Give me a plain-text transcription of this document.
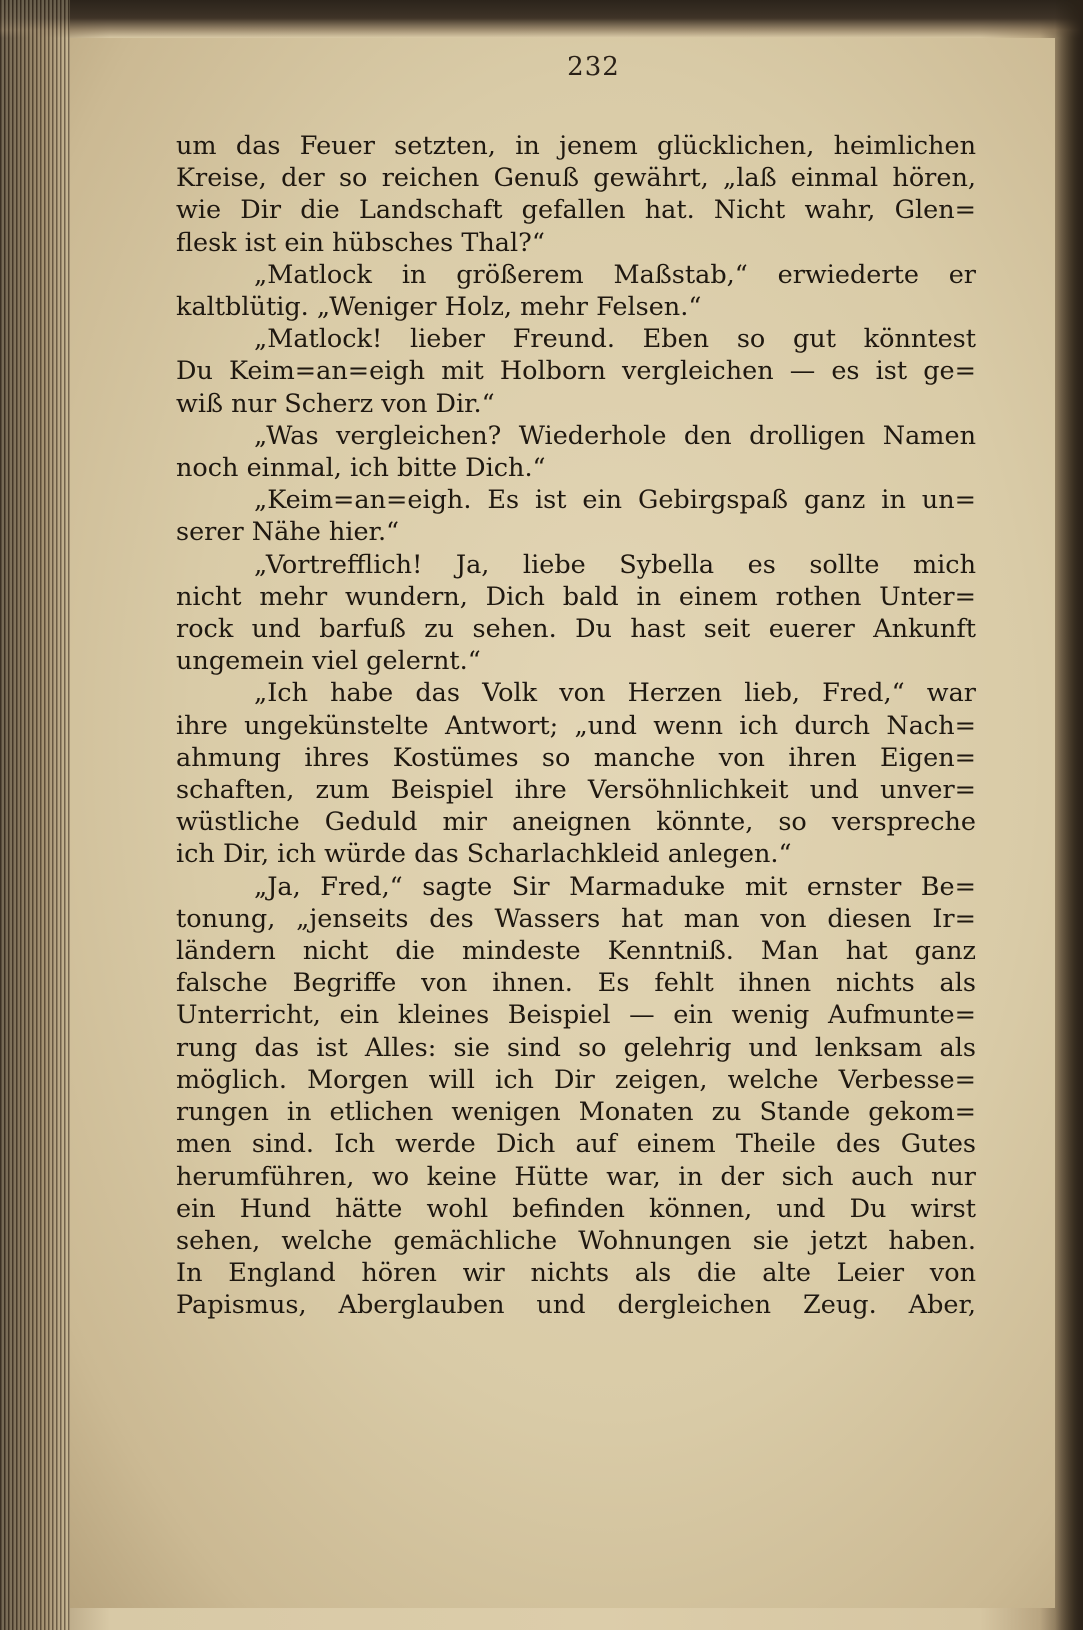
232
um das Feuer setzten, in jenem glücklichen, heimlichen
Kreise, der so reichen Genuß gewährt, „laß einmal hören,
wie Dir die Landschaft gefallen hat. Nicht wahr, Glen=
flesk ist ein hübsches Thal?“
„Matlock in größerem Maßstab,“ erwiederte er
kaltblütig. „Weniger Holz, mehr Felsen.“
„Matlock! lieber Freund. Eben so gut könntest
Du Keim=an=eigh mit Holborn vergleichen — es ist ge=
wiß nur Scherz von Dir.“
„Was vergleichen? Wiederhole den drolligen Namen
noch einmal, ich bitte Dich.“
„Keim=an=eigh. Es ist ein Gebirgspaß ganz in un=
serer Nähe hier.“
„Vortrefflich! Ja, liebe Sybella es sollte mich
nicht mehr wundern, Dich bald in einem rothen Unter=
rock und barfuß zu sehen. Du hast seit euerer Ankunft
ungemein viel gelernt.“
„Ich habe das Volk von Herzen lieb, Fred,“ war
ihre ungekünstelte Antwort; „und wenn ich durch Nach=
ahmung ihres Kostümes so manche von ihren Eigen=
schaften, zum Beispiel ihre Versöhnlichkeit und unver=
wüstliche Geduld mir aneignen könnte, so verspreche
ich Dir, ich würde das Scharlachkleid anlegen.“
„Ja, Fred,“ sagte Sir Marmaduke mit ernster Be=
tonung, „jenseits des Wassers hat man von diesen Ir=
ländern nicht die mindeste Kenntniß. Man hat ganz
falsche Begriffe von ihnen. Es fehlt ihnen nichts als
Unterricht, ein kleines Beispiel — ein wenig Aufmunte=
rung das ist Alles: sie sind so gelehrig und lenksam als
möglich. Morgen will ich Dir zeigen, welche Verbesse=
rungen in etlichen wenigen Monaten zu Stande gekom=
men sind. Ich werde Dich auf einem Theile des Gutes
herumführen, wo keine Hütte war, in der sich auch nur
ein Hund hätte wohl befinden können, und Du wirst
sehen, welche gemächliche Wohnungen sie jetzt haben.
In England hören wir nichts als die alte Leier von
Papismus, Aberglauben und dergleichen Zeug. Aber,
